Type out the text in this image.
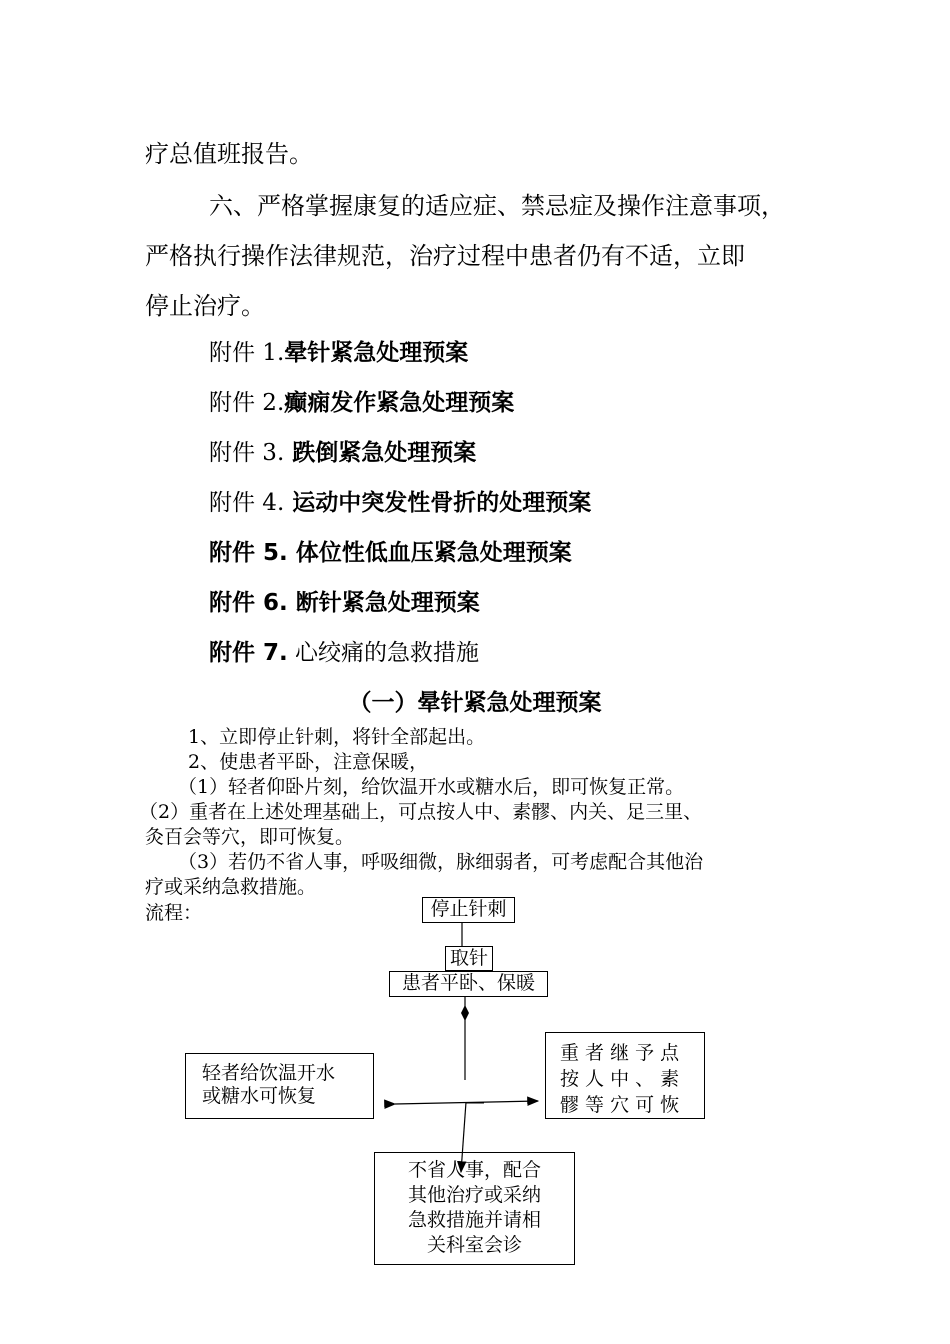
疗总值班报告。

六、严格掌握康复的适应症、禁忌症及操作注意事项，

严格执行操作法律规范，治疗过程中患者仍有不适，立即

停止治疗。

附件 1.晕针紧急处理预案

附件 2.癫痫发作紧急处理预案

附件 3. 跌倒紧急处理预案

附件 4. 运动中突发性骨折的处理预案

附件 5. 体位性低血压紧急处理预案

附件 6. 断针紧急处理预案

附件 7. 心绞痛的急救措施

（一）晕针紧急处理预案

1、立即停止针刺，将针全部起出。

2、使患者平卧，注意保暖，

（1）轻者仰卧片刻，给饮温开水或糖水后，即可恢复正常。

（2）重者在上述处理基础上，可点按人中、素髎、内关、足三里、

灸百会等穴，即可恢复。

（3）若仍不省人事，呼吸细微，脉细弱者，可考虑配合其他治

疗或采纳急救措施。

流程：	停止针刺
取针
患者平卧、保暖
轻者给饮温开水
或糖水可恢复
重 者 继 予 点
按 人 中 、 素
髎 等 穴 可 恢
不省人事，配合
其他治疗或采纳
急救措施并请相
关科室会诊
